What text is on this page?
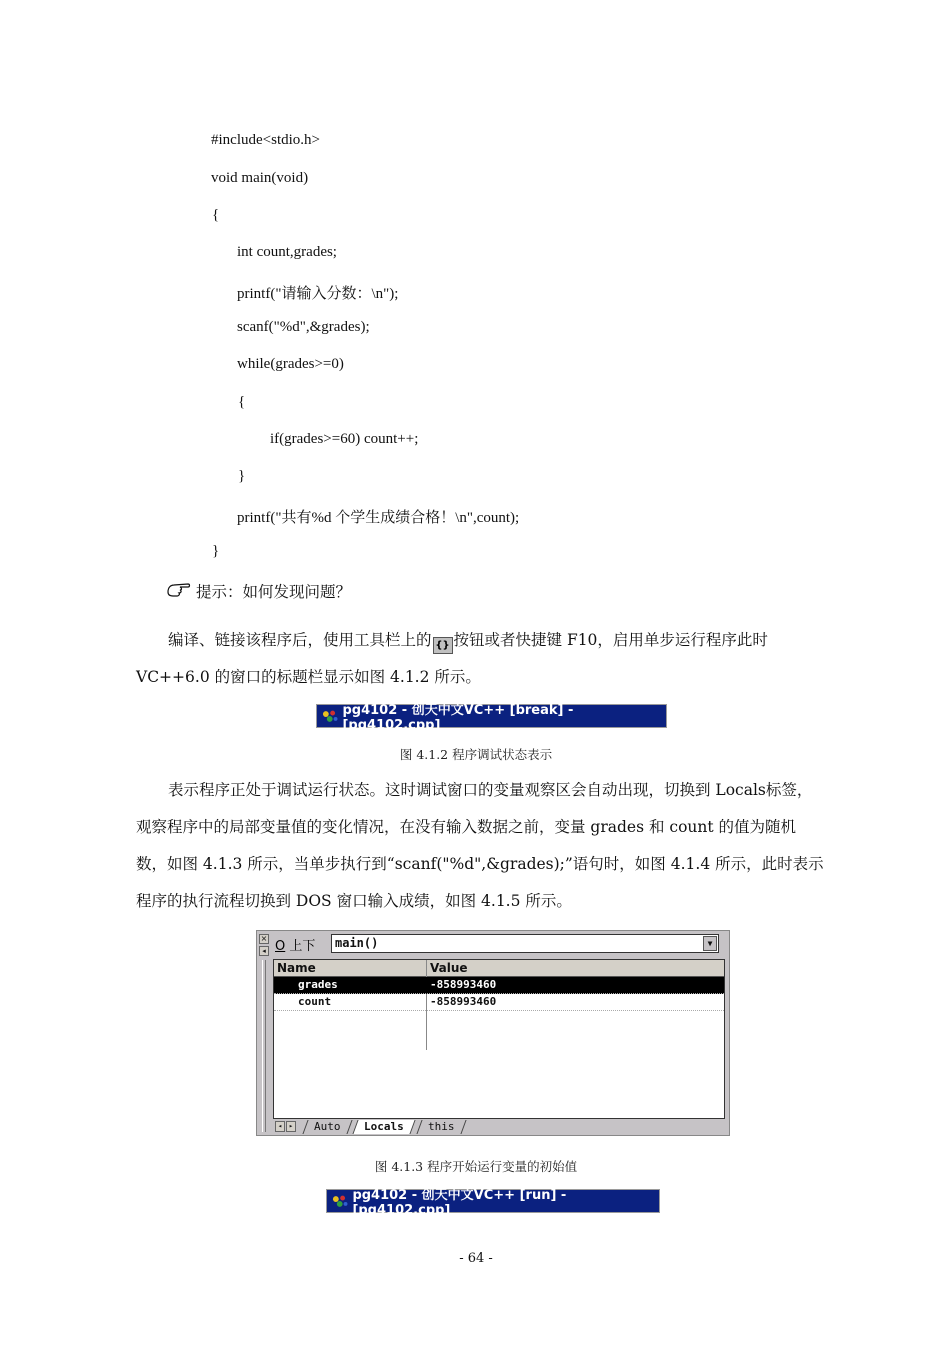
#include<stdio.h>
void main(void)
{
int count,grades;
printf("请输入分数：\n");
scanf("%d",&grades);
while(grades>=0)
{
if(grades>=60) count++;
}
printf("共有%d 个学生成绩合格！\n",count);
}
提示：如何发现问题？
编译、链接该程序后，使用工具栏上的 {} 按钮或者快捷键 F10，启用单步运行程序此时VC++6.0 的窗口的标题栏显示如图 4.1.2 所示。
pg4102 - 创天中文VC++ [break] - [pg4102.cpp]
图 4.1.2 程序调试状态表示
表示程序正处于调试运行状态。这时调试窗口的变量观察区会自动出现，切换到 Locals标签，观察程序中的局部变量值的变化情况，在没有输入数据之前，变量 grades 和 count 的值为随机数，如图 4.1.3 所示，当单步执行到“scanf("%d",&grades);”语句时，如图 4.1.4 所示，此时表示程序的执行流程切换到 DOS 窗口输入成绩，如图 4.1.5 所示。
×
◂ O 上下	main()	▼
Name	Value
grades	-858993460
count	-858993460
◂ ▸	Auto	Locals	this
图 4.1.3 程序开始运行变量的初始值
pg4102 - 创天中文VC++ [run] - [pg4102.cpp]
- 64 -
